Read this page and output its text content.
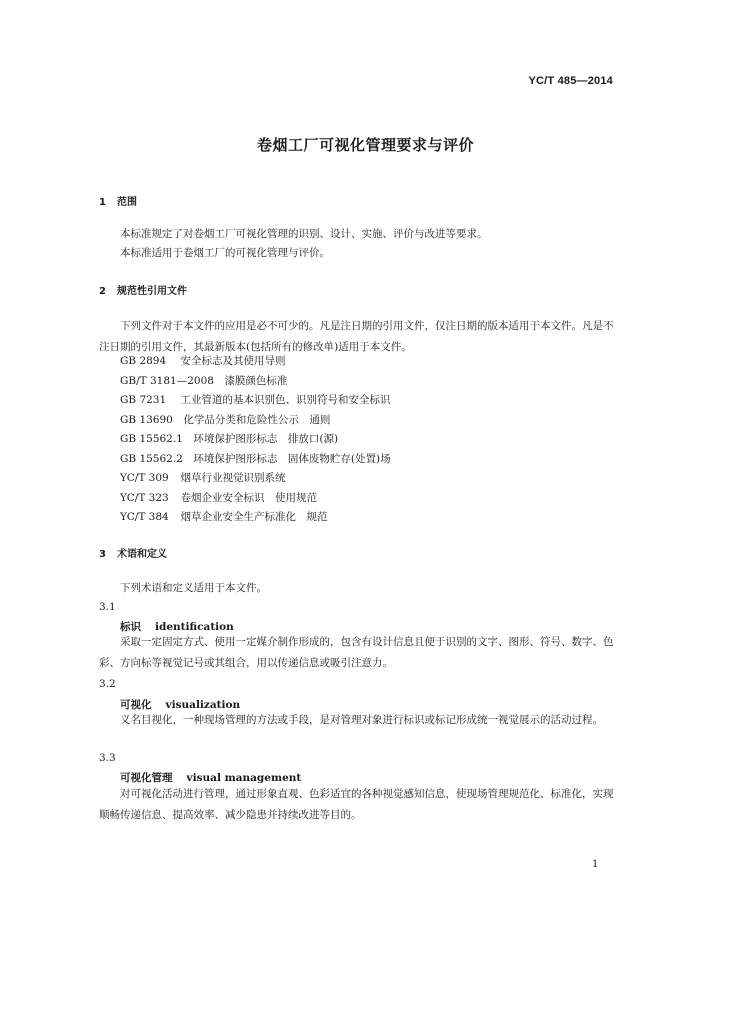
YC/T 485—2014
卷烟工厂可视化管理要求与评价
1 范围

本标准规定了对卷烟工厂可视化管理的识别、设计、实施、评价与改进等要求。

本标准适用于卷烟工厂的可视化管理与评价。

2 规范性引用文件

下列文件对于本文件的应用是必不可少的。凡是注日期的引用文件，仅注日期的版本适用于本文件。凡是不注日期的引用文件，其最新版本(包括所有的修改单)适用于本文件。

GB 2894　 安全标志及其使用导则
GB/T 3181—2008　 漆膜颜色标准
GB 7231　 工业管道的基本识别色、识别符号和安全标识
GB 13690　 化学品分类和危险性公示　通则
GB 15562.1　 环境保护图形标志　排放口(源)
GB 15562.2　 环境保护图形标志　固体废物贮存(处置)场
YC/T 309　 烟草行业视觉识别系统
YC/T 323　 卷烟企业安全标识　使用规范
YC/T 384　 烟草企业安全生产标准化　规范
3 术语和定义

下列术语和定义适用于本文件。

3.1
标识 identification

采取一定固定方式、使用一定媒介制作形成的，包含有设计信息且便于识别的文字、图形、符号、数字、色彩、方向标等视觉记号或其组合，用以传递信息或吸引注意力。

3.2
可视化 visualization

义名目视化，一种现场管理的方法或手段，是对管理对象进行标识或标记形成统一视觉展示的活动过程。

3.3
可视化管理 visual management

对可视化活动进行管理，通过形象直观、色彩适宜的各种视觉感知信息，使现场管理规范化、标准化，实现顺畅传递信息、提高效率、减少隐患并持续改进等目的。

1
